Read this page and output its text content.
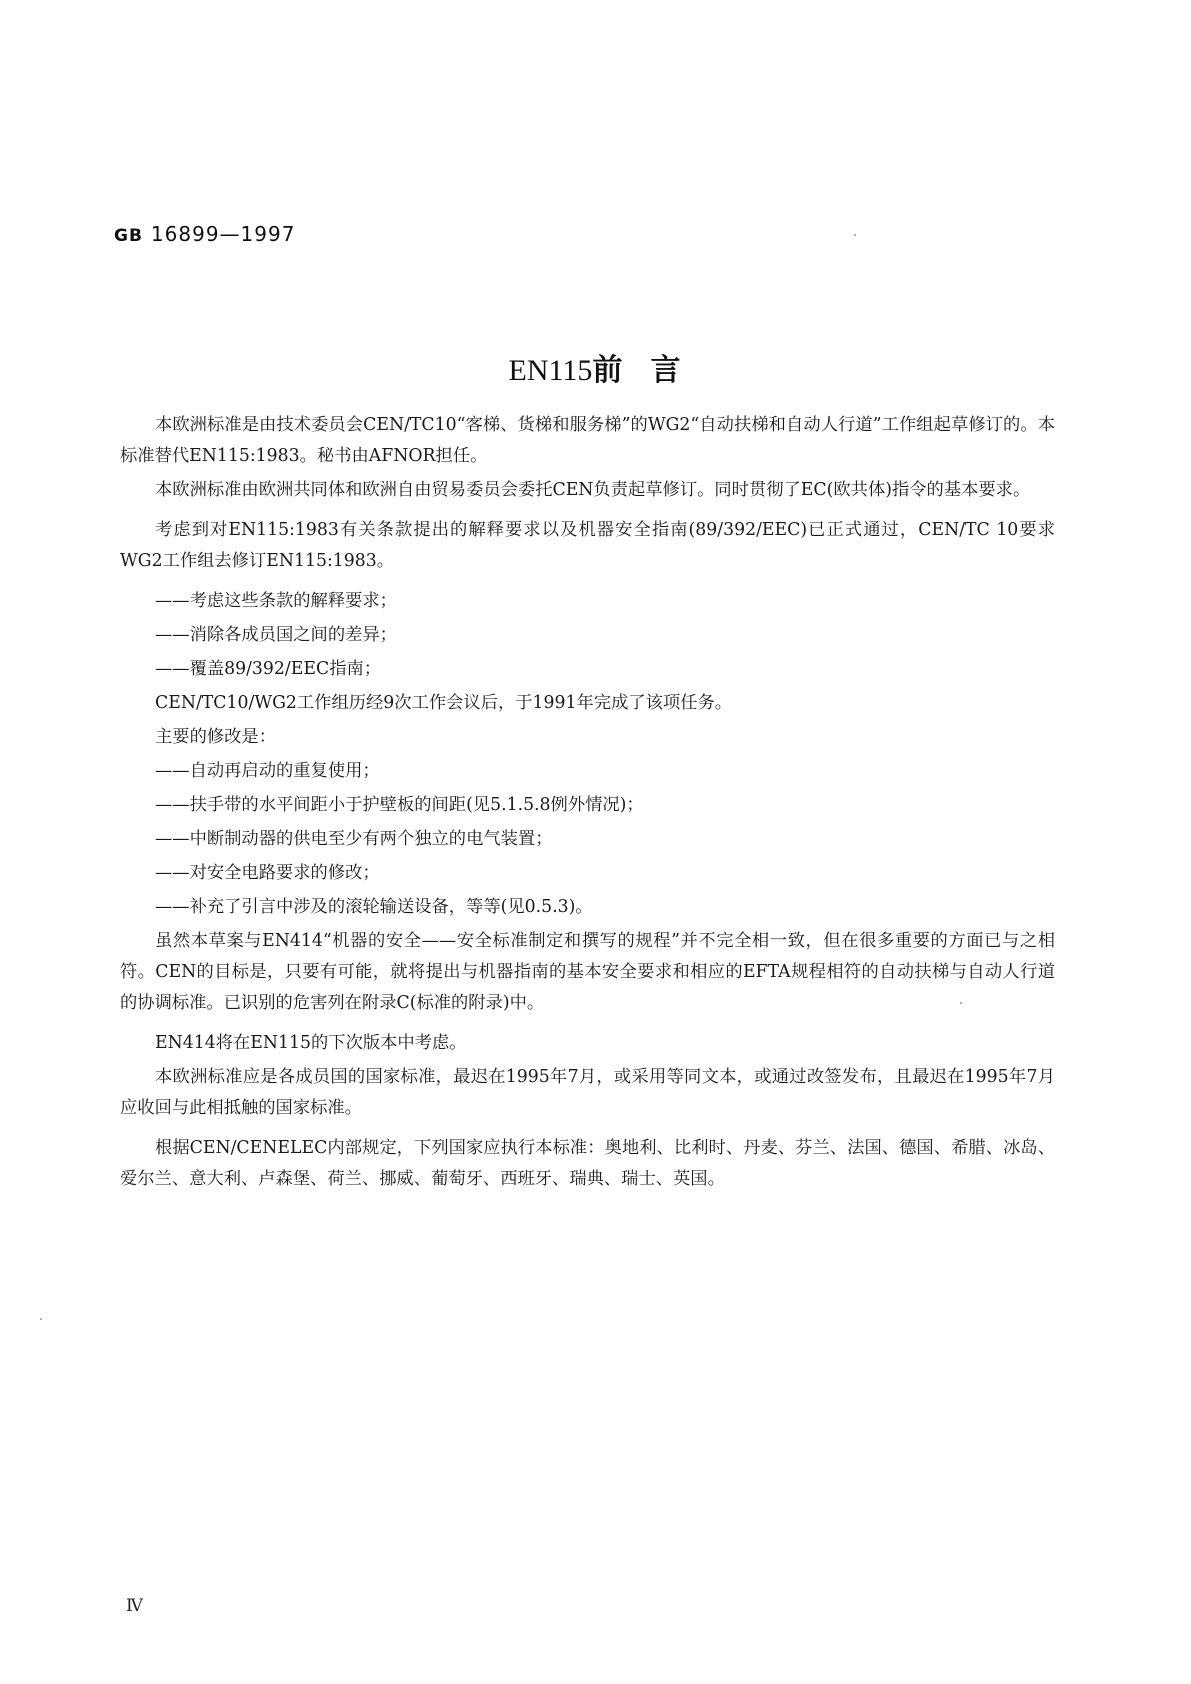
GB 16899—1997
EN115前 言

本欧洲标准是由技术委员会CEN/TC10“客梯、货梯和服务梯”的WG2“自动扶梯和自动人行道”工作组起草修订的。本标准替代EN115:1983。秘书由AFNOR担任。

本欧洲标准由欧洲共同体和欧洲自由贸易委员会委托CEN负责起草修订。同时贯彻了EC(欧共体)指令的基本要求。

考虑到对EN115:1983有关条款提出的解释要求以及机器安全指南(89/392/EEC)已正式通过，CEN/TC 10要求WG2工作组去修订EN115:1983。

——考虑这些条款的解释要求；

——消除各成员国之间的差异；

——覆盖89/392/EEC指南；

CEN/TC10/WG2工作组历经9次工作会议后，于1991年完成了该项任务。

主要的修改是：

——自动再启动的重复使用；

——扶手带的水平间距小于护壁板的间距(见5.1.5.8例外情况)；

——中断制动器的供电至少有两个独立的电气装置；

——对安全电路要求的修改；

——补充了引言中涉及的滚轮输送设备，等等(见0.5.3)。

虽然本草案与EN414“机器的安全——安全标准制定和撰写的规程”并不完全相一致，但在很多重要的方面已与之相符。CEN的目标是，只要有可能，就将提出与机器指南的基本安全要求和相应的EFTA规程相符的自动扶梯与自动人行道的协调标准。已识别的危害列在附录C(标准的附录)中。

EN414将在EN115的下次版本中考虑。

本欧洲标准应是各成员国的国家标准，最迟在1995年7月，或采用等同文本，或通过改签发布，且最迟在1995年7月应收回与此相抵触的国家标准。

根据CEN/CENELEC内部规定，下列国家应执行本标准：奥地利、比利时、丹麦、芬兰、法国、德国、希腊、冰岛、爱尔兰、意大利、卢森堡、荷兰、挪威、葡萄牙、西班牙、瑞典、瑞士、英国。

Ⅳ
